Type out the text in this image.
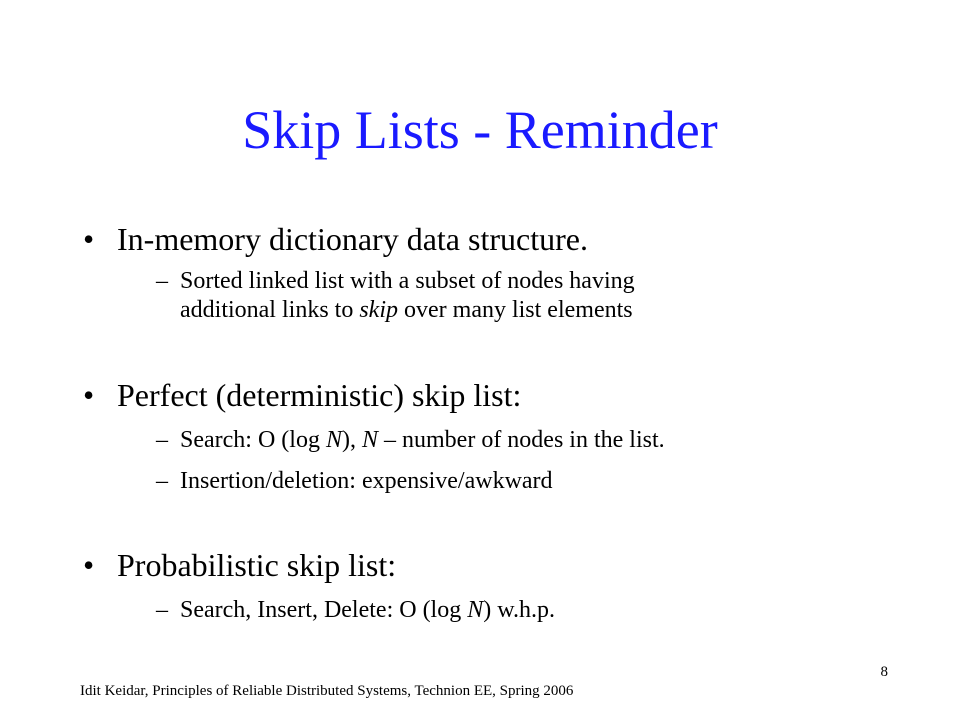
Skip Lists - Reminder
• In-memory dictionary data structure.
– Sorted linked list with a subset of nodes having
additional links to skip over many list elements
• Perfect (deterministic) skip list:
– Search: O (log N), N – number of nodes in the list.
– Insertion/deletion: expensive/awkward
• Probabilistic skip list:
– Search, Insert, Delete: O (log N) w.h.p.
8
Idit Keidar, Principles of Reliable Distributed Systems, Technion EE, Spring 2006
